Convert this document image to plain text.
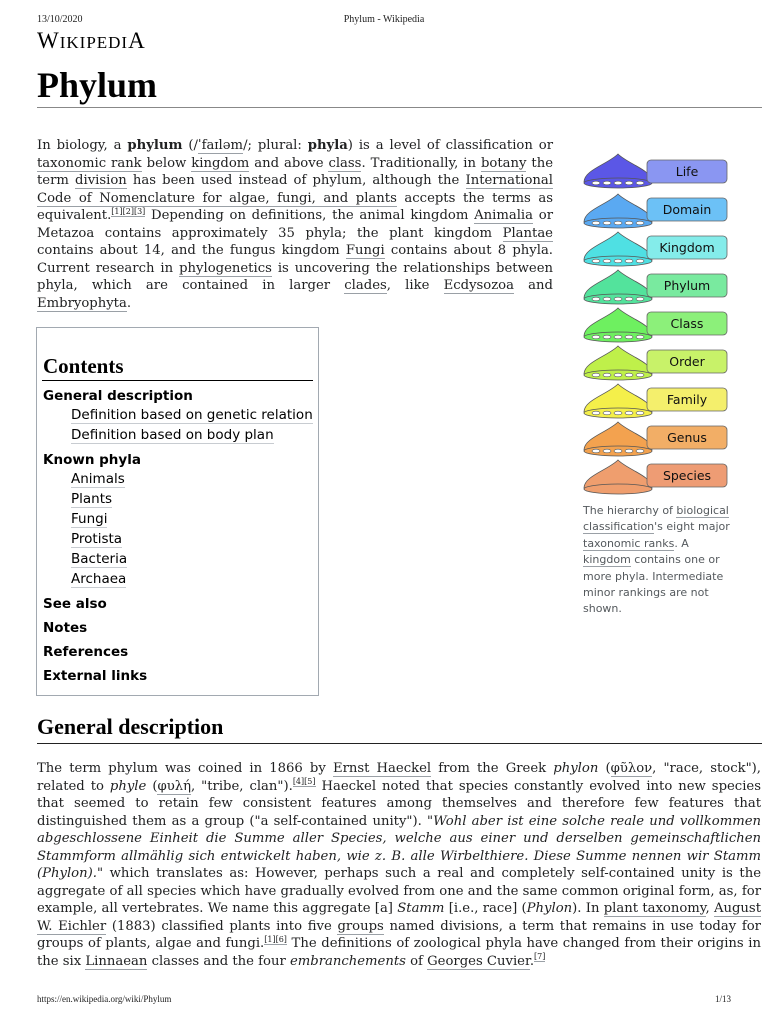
13/10/2020	Phylum - Wikipedia
WIKIPEDIA
Phylum

In biology, a phylum (/ˈfaɪləm/; plural: phyla) is a level of classification or taxonomic rank below kingdom and above class. Traditionally, in botany the term division has been used instead of phylum, although the International Code of Nomenclature for algae, fungi, and plants accepts the terms as equivalent.[1][2][3] Depending on definitions, the animal kingdom Animalia or Metazoa contains approximately 35 phyla; the plant kingdom Plantae contains about 14, and the fungus kingdom Fungi contains about 8 phyla. Current research in phylogenetics is uncovering the relationships between phyla, which are contained in larger clades, like Ecdysozoa and Embryophyta.

Life
Domain
Kingdom
Phylum
Class
Order
Family
Genus
Species
The hierarchy of biological classification's eight major taxonomic ranks. A kingdom contains one or more phyla. Intermediate minor rankings are not shown.
Contents
General description
Definition based on genetic relation
Definition based on body plan
Known phyla
Animals
Plants
Fungi
Protista
Bacteria
Archaea
See also
Notes
References
External links
General description

The term phylum was coined in 1866 by Ernst Haeckel from the Greek phylon (φῦλον, "race, stock"), related to phyle (φυλή, "tribe, clan").[4][5] Haeckel noted that species constantly evolved into new species that seemed to retain few consistent features among themselves and therefore few features that distinguished them as a group ("a self-contained unity"). "Wohl aber ist eine solche reale und vollkommen abgeschlossene Einheit die Summe aller Species, welche aus einer und derselben gemeinschaftlichen Stammform allmählig sich entwickelt haben, wie z. B. alle Wirbelthiere. Diese Summe nennen wir Stamm (Phylon)." which translates as: However, perhaps such a real and completely self-contained unity is the aggregate of all species which have gradually evolved from one and the same common original form, as, for example, all vertebrates. We name this aggregate [a] Stamm [i.e., race] (Phylon). In plant taxonomy, August W. Eichler (1883) classified plants into five groups named divisions, a term that remains in use today for groups of plants, algae and fungi.[1][6] The definitions of zoological phyla have changed from their origins in the six Linnaean classes and the four embranchements of Georges Cuvier.[7]

https://en.wikipedia.org/wiki/Phylum	1/13
